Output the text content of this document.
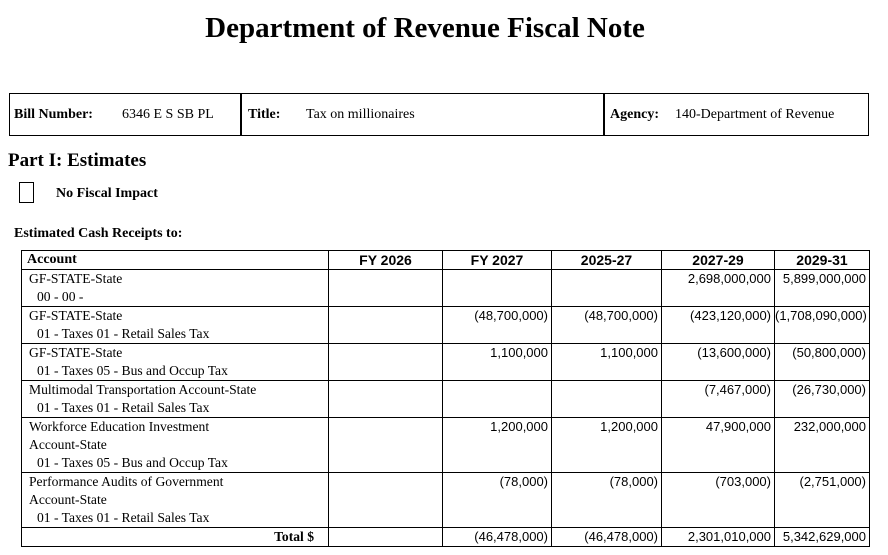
Department of Revenue Fiscal Note
Bill Number: 6346 E S SB PL Title: Tax on millionaires	Agency: 140-Department of Revenue
Part I: Estimates
No Fiscal Impact
Estimated Cash Receipts to:
Account	FY 2026	FY 2027	2025-27	2027-29	2029-31

GF-STATE-State
00 - 00 -				2,698,000,000	5,899,000,000

GF-STATE-State
01 - Taxes 01 - Retail Sales Tax		(48,700,000)	(48,700,000)	(423,120,000)	(1,708,090,000)

GF-STATE-State
01 - Taxes 05 - Bus and Occup Tax		1,100,000	1,100,000	(13,600,000)	(50,800,000)

Multimodal Transportation Account-State
01 - Taxes 01 - Retail Sales Tax				(7,467,000)	(26,730,000)

Workforce Education Investment
Account-State
01 - Taxes 05 - Bus and Occup Tax		1,200,000	1,200,000	47,900,000	232,000,000

Performance Audits of Government
Account-State
01 - Taxes 01 - Retail Sales Tax		(78,000)	(78,000)	(703,000)	(2,751,000)
Total $		(46,478,000)	(46,478,000)	2,301,010,000	5,342,629,000
